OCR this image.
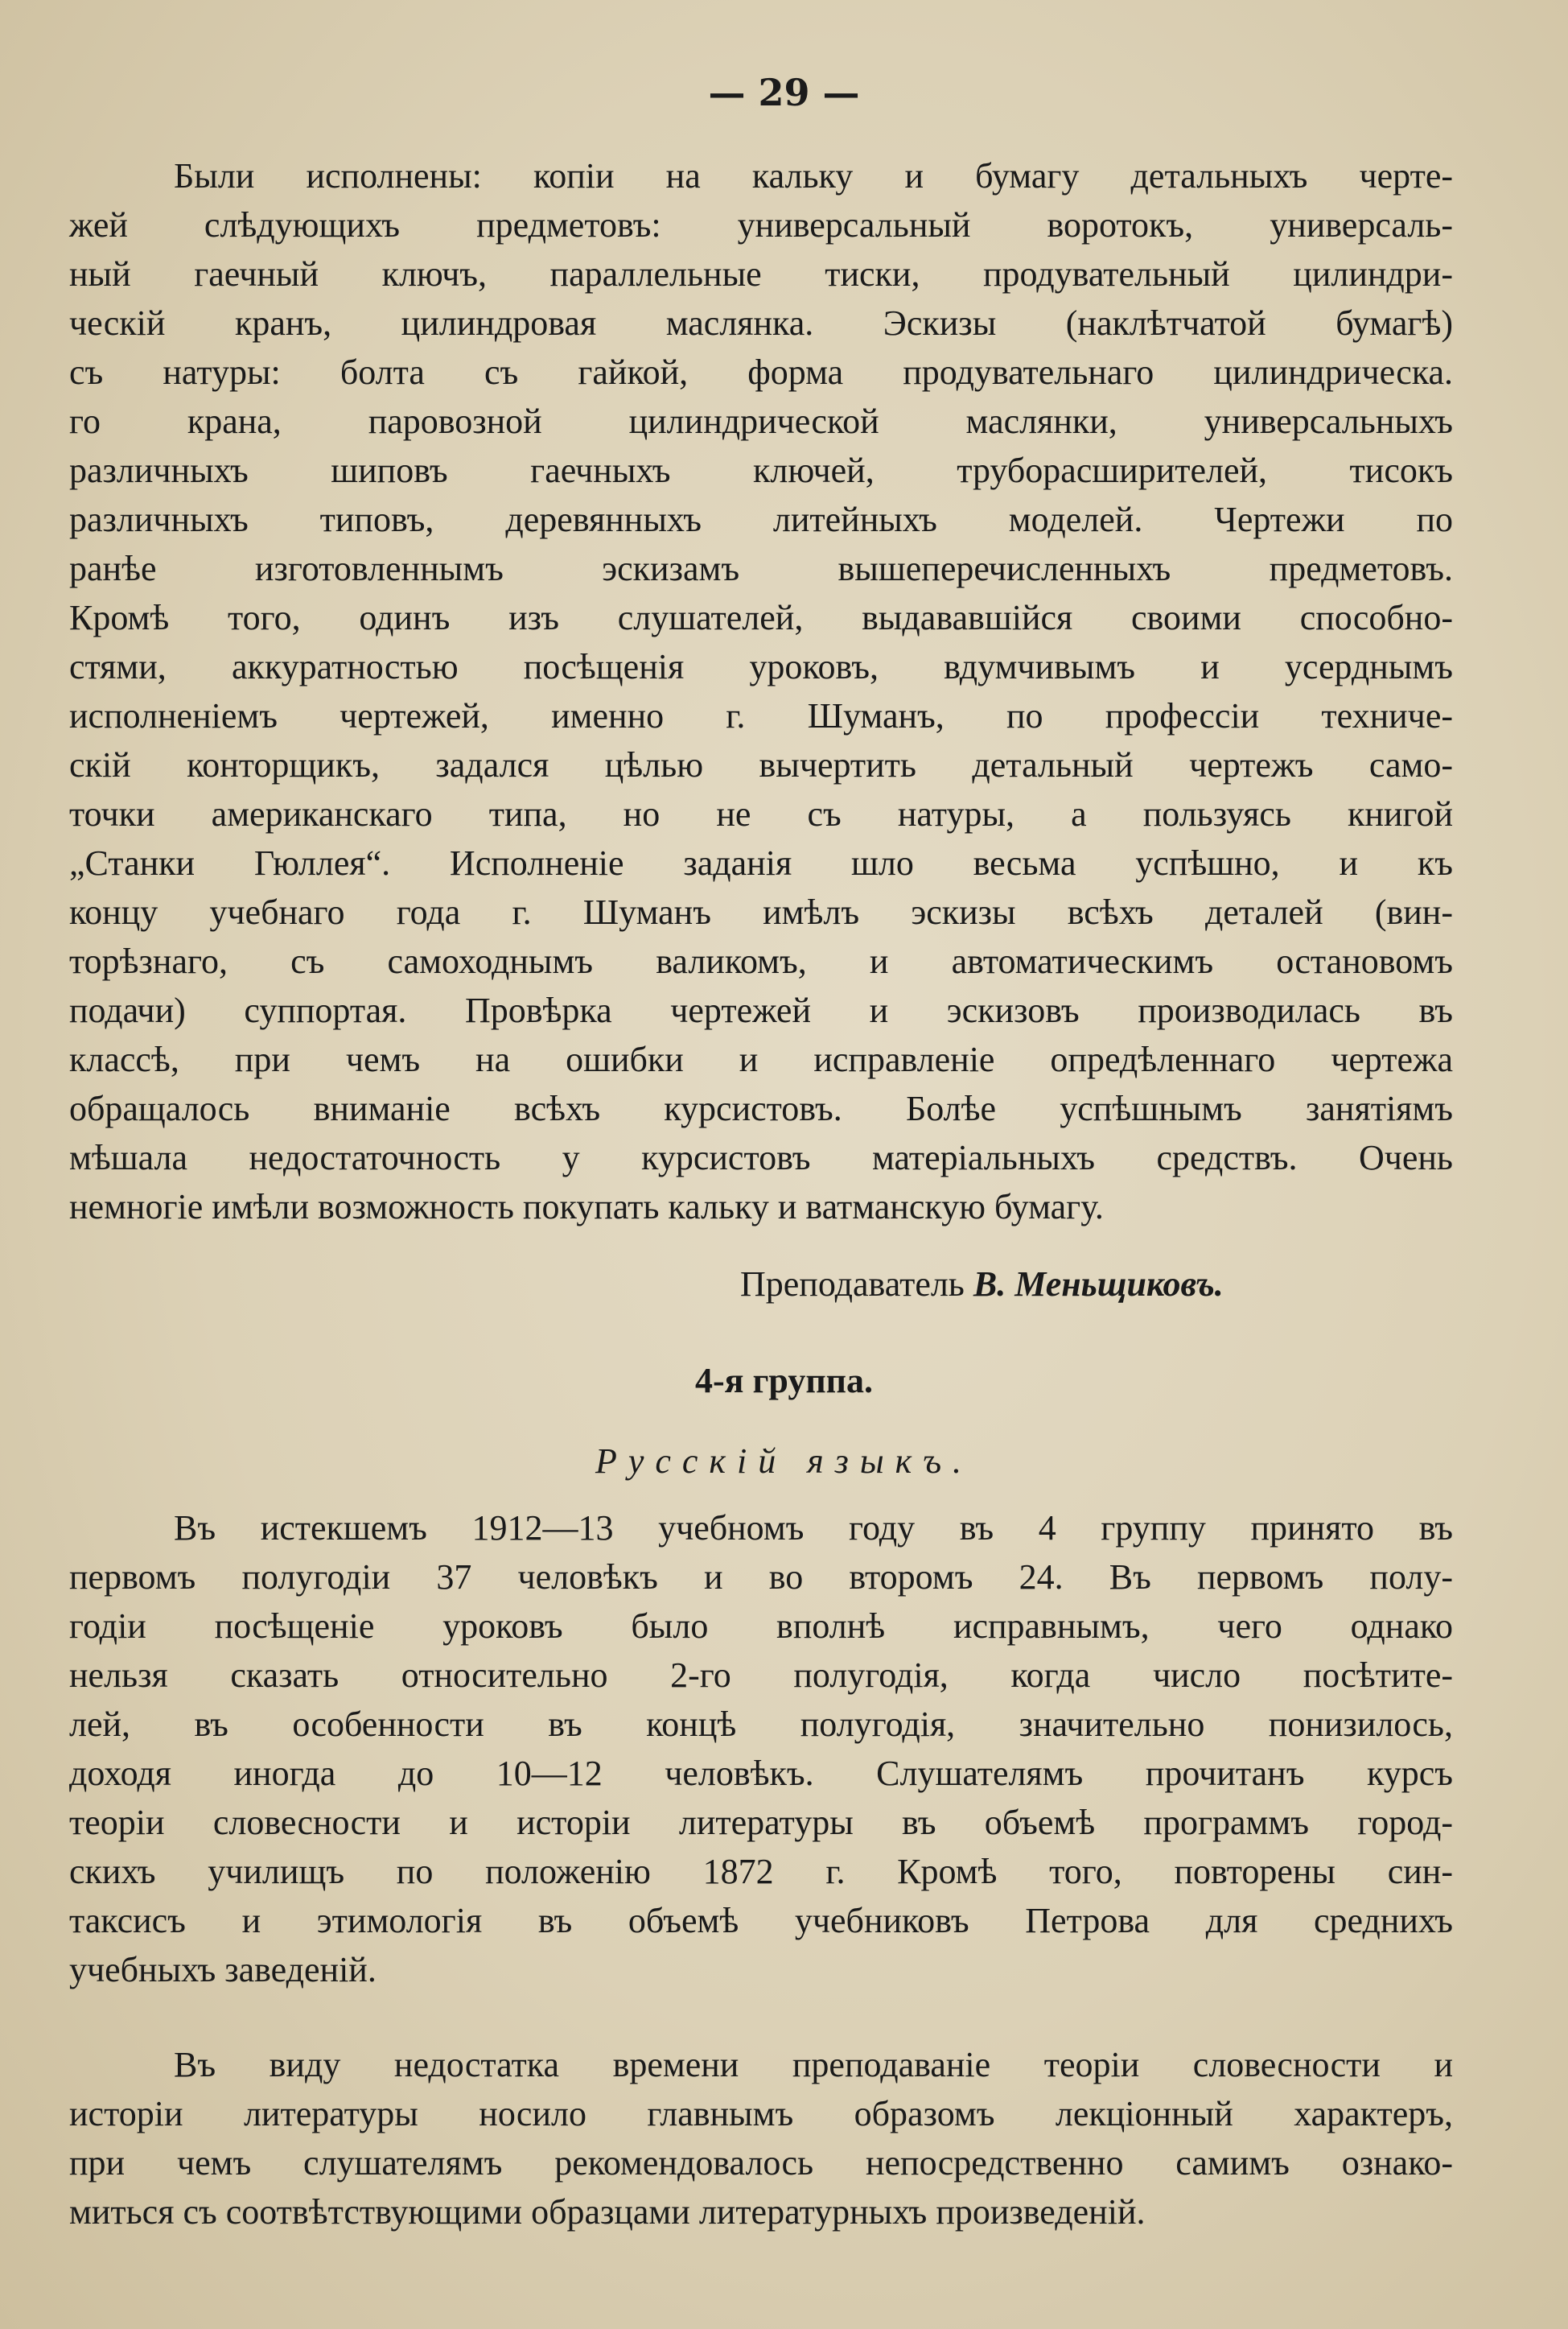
— 29 —
Были исполнены: копiи на кальку и бумагу детальныхъ черте-
жей слѣдующихъ предметовъ: универсальный воротокъ, универсаль-
ный гаечный ключъ, параллельные тиски, продувательный цилиндри-
ческiй кранъ, цилиндровая маслянка. Эскизы (наклѣтчатой бумагѣ)
съ натуры: болта съ гайкой, форма продувательнаго цилиндрическа.
го крана, паровозной цилиндрической маслянки, универсальныхъ
различныхъ шиповъ гаечныхъ ключей, труборасширителей, тисокъ
различныхъ типовъ, деревянныхъ литейныхъ моделей. Чертежи по
ранѣе изготовленнымъ эскизамъ вышеперечисленныхъ предметовъ.
Кромѣ того, одинъ изъ слушателей, выдававшiйся своими способно-
стями, аккуратностью посѣщенiя уроковъ, вдумчивымъ и усерднымъ
исполненiемъ чертежей, именно г. Шуманъ, по профессiи техниче-
скiй конторщикъ, задался цѣлью вычертить детальный чертежъ само-
точки американскаго типа, но не съ натуры, а пользуясь книгой
„Станки Гюллея“. Исполненiе заданiя шло весьма успѣшно, и къ
концу учебнаго года г. Шуманъ имѣлъ эскизы всѣхъ деталей (вин-
торѣзнаго, съ самоходнымъ валикомъ, и автоматическимъ остановомъ
подачи) суппортая. Провѣрка чертежей и эскизовъ производилась въ
классѣ, при чемъ на ошибки и исправленiе опредѣленнаго чертежа
обращалось вниманiе всѣхъ курсистовъ. Болѣе успѣшнымъ занятiямъ
мѣшала недостаточность у курсистовъ матерiальныхъ средствъ. Очень
немногiе имѣли возможность покупать кальку и ватманскую бумагу.
Преподаватель В. Меньщиковъ.
4-я группа.
Русскiй языкъ.
Въ истекшемъ 1912—13 учебномъ году въ 4 группу принято въ
первомъ полугодiи 37 человѣкъ и во второмъ 24. Въ первомъ полу-
годiи посѣщенiе уроковъ было вполнѣ исправнымъ, чего однако
нельзя сказать относительно 2-го полугодiя, когда число посѣтите-
лей, въ особенности въ концѣ полугодiя, значительно понизилось,
доходя иногда до 10—12 человѣкъ. Слушателямъ прочитанъ курсъ
теорiи словесности и исторiи литературы въ объемѣ программъ город-
скихъ училищъ по положенiю 1872 г. Кромѣ того, повторены син-
таксисъ и этимологiя въ объемѣ учебниковъ Петрова для среднихъ
учебныхъ заведенiй.
Въ виду недостатка времени преподаванiе теорiи словесности и
исторiи литературы носило главнымъ образомъ лекцiонный характеръ,
при чемъ слушателямъ рекомендовалось непосредственно самимъ ознако-
миться съ соотвѣтствующими образцами литературныхъ произведенiй.
